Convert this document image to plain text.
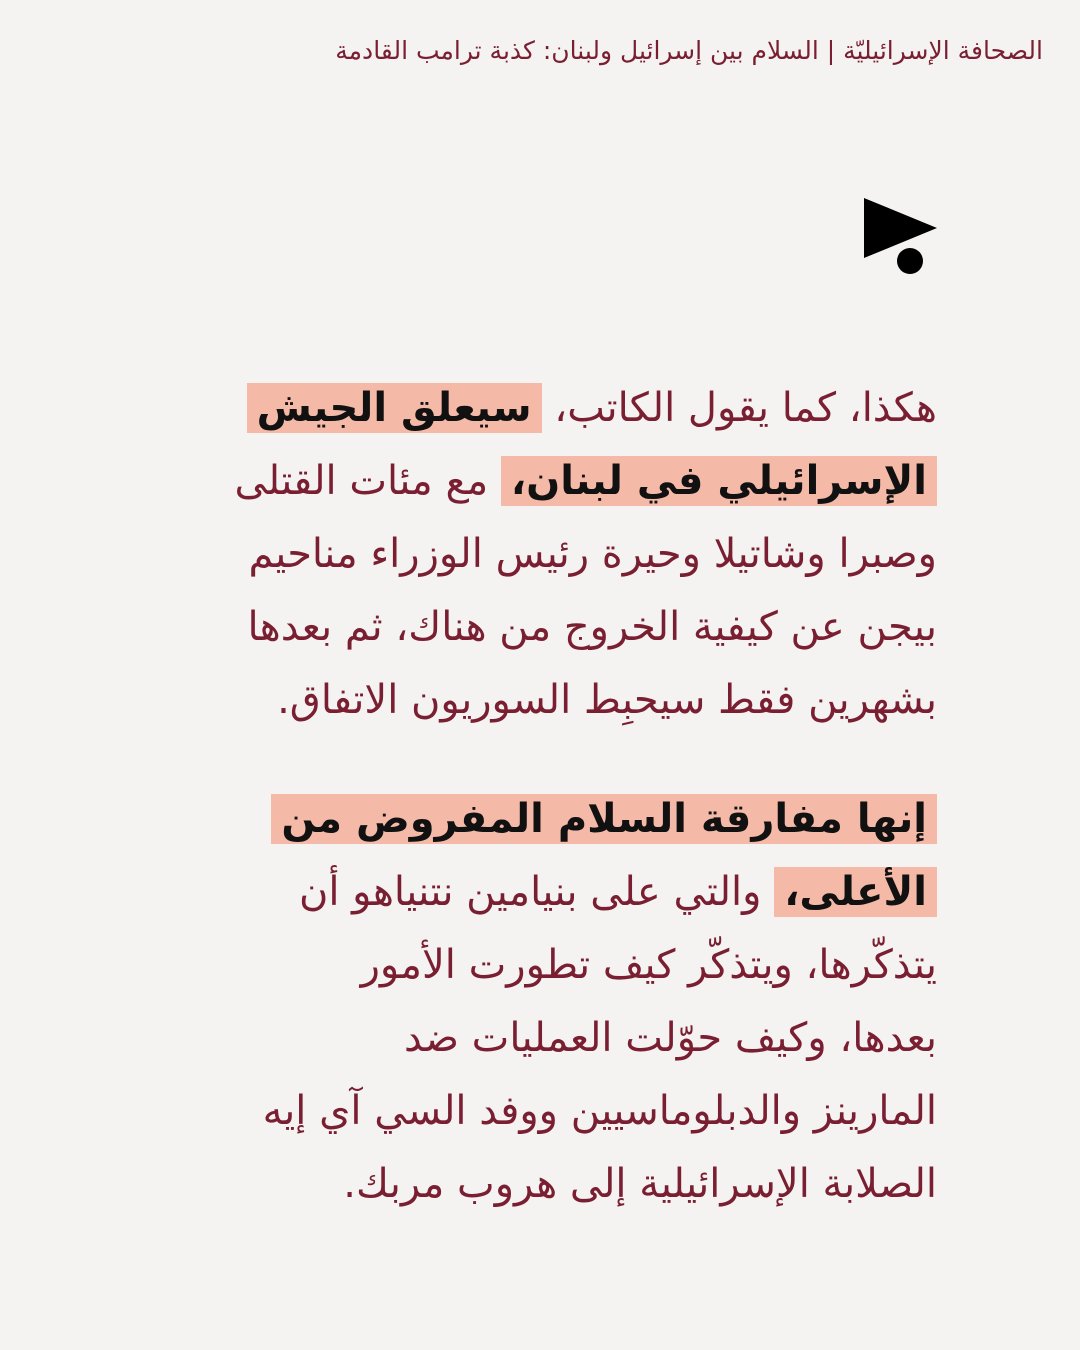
الصحافة الإسرائيليّة | السلام بين إسرائيل ولبنان: كذبة ترامب القادمة
هكذا، كما يقول الكاتب، سيعلق الجيش
الإسرائيلي في لبنان، مع مئات القتلى
وصبرا وشاتيلا وحيرة رئيس الوزراء مناحيم
بيجن عن كيفية الخروج من هناك، ثم بعدها
بشهرين فقط سيحبِط السوريون الاتفاق.
إنها مفارقة السلام المفروض من
الأعلى، والتي على بنيامين نتنياهو أن
يتذكّرها، ويتذكّر كيف تطورت الأمور
بعدها، وكيف حوّلت العمليات ضد
المارينز والدبلوماسيين ووفد السي آي إيه
الصلابة الإسرائيلية إلى هروب مربك.
